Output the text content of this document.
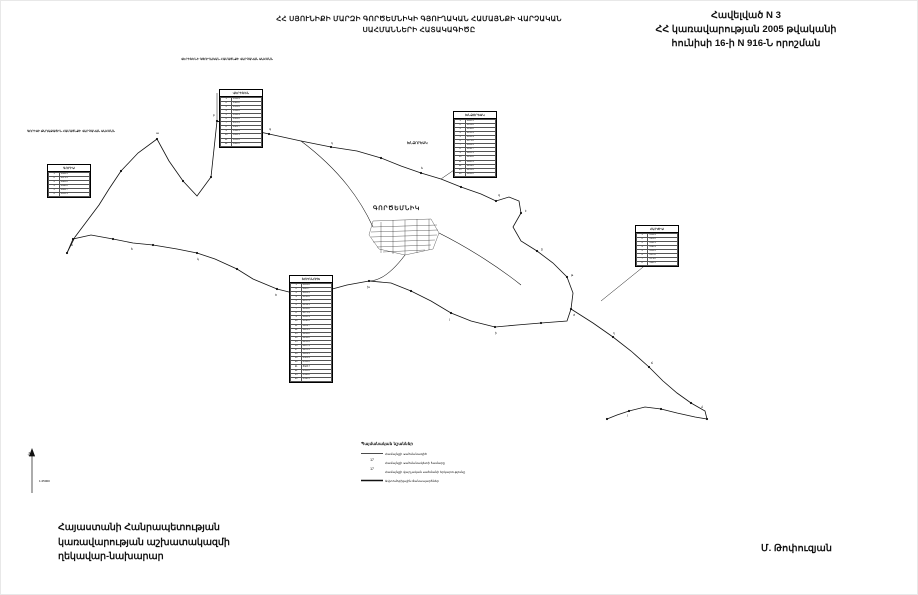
ՀՀ ՍՅՈՒՆԻՔԻ ՄԱՐԶԻ ԳՈՐԾԵՄՆԻԿԻ ԳՅՈՒՂԱԿԱՆ ՀԱՄԱՅՆՔԻ ՎԱՐՉԱԿԱՆ ՍԱՀՄԱՆՆԵՐԻ ՀԱՏԱԿԱԳԻԾԸ
Հավելված N 3
ՀՀ կառավարության 2005 թվականի
հունիսի 16-ի N 916-Ն որոշման
ա
բ
գ
դ
ե
զ
է
ը
թ
ժ
ի
լ
խ
ծ
կ
հ
ձ
ղ
ճ
մ
յ
ԳՈՐԾԵՄՆԻԿ
ԳՈՐԻՍԻ ՔԱՂԱՔԱՅԻՆ ՀԱՄԱՅՆՔԻ ՎԱՐՉԱԿԱՆ ՍԱՀՄԱՆ
ՎԵՐԻՇԵՆԻ ԳՅՈՒՂԱԿԱՆ ՀԱՄԱՅՆՔԻ ՎԱՐՉԱԿԱՆ ՍԱՀՄԱՆ
ԽՆՁՈՐԵՍԿ
ԳՈՐԻՍ
1	4862.3
2	4871.5
3	4883.0
4	4890.2
5	4902.7
6	4915.1
ՎԵՐԻՇԵՆ
1	5312.4
2	5320.8
3	5331.6
4	5344.2
5	5352.9
6	5361.0
7	5370.3
8	5381.7
9	5393.5
10	5402.1
11	5415.6
12	5428.0
ԽՆՁՈՐԵՍԿ
1	6120.5
2	6131.2
3	6142.8
4	6155.4
5	6163.9
6	6171.0
7	6184.3
8	6192.7
9	6205.1
10	6216.8
11	6228.4
12	6239.0
13	6251.6
14	6262.2
ՀԱՐԺԻՍ
1	7012.4
2	7024.6
3	7036.1
4	7048.9
5	7055.3
6	7067.8
7	7079.2
8	7088.5
ՇՈՒՌՆՈՒԽ
1	8101.2
2	8112.7
3	8124.3
4	8136.0
5	8147.5
6	8159.1
7	8163.8
8	8175.4
9	8186.9
10	8198.2
11	8209.7
12	8221.3
13	8232.8
14	8244.0
15	8255.6
16	8267.1
17	8278.5
18	8289.9
19	8301.4
20	8312.0
21	8323.7
22	8335.2
23	8346.8
24	8358.3
Պայմանական նշաններ
Համայնքի սահմանագիծ
17
Համայնքի սահմանակետի համարը
17
Համայնքի վարչական սահմանի երկարությունը
Ավտոմոբիլային ճանապարհներ
Հս
1:25000
Հայաստանի Հանրապետության
կառավարության աշխատակազմի
ղեկավար-նախարար
Մ. Թոփուզյան
